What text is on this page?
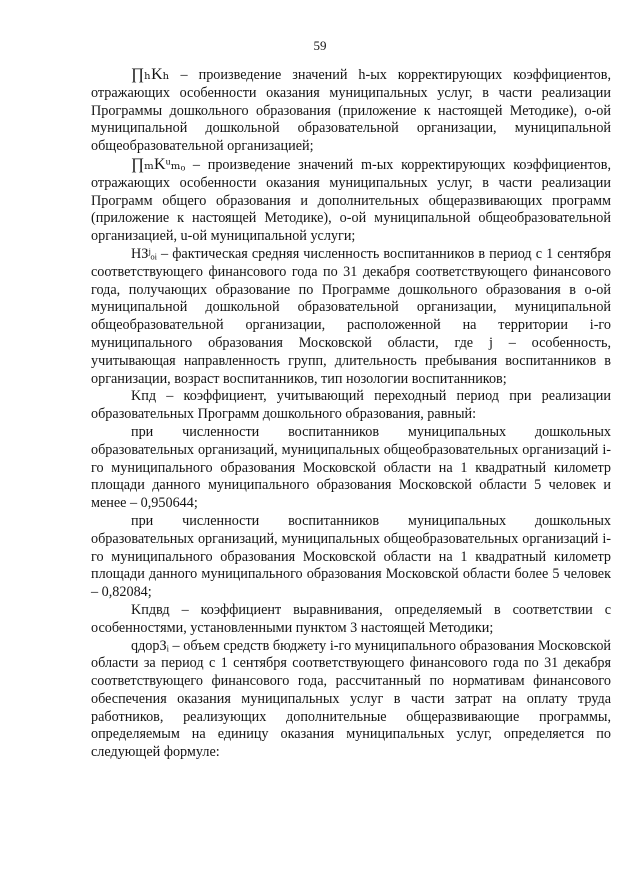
59

∏ₕKₕ – произведение значений h-ых корректирующих коэффициентов, отражающих особенности оказания муниципальных услуг, в части реализации Программы дошкольного образования (приложение к настоящей Методике), о-ой муниципальной дошкольной образовательной организации, муниципальной общеобразовательной организацией;

∏ₘKᵘₘₒ – произведение значений m-ых корректирующих коэффициентов, отражающих особенности оказания муниципальных услуг, в части реализации Программ общего образования и дополнительных общеразвивающих программ (приложение к настоящей Методике), о-ой муниципальной общеобразовательной организацией, u-ой муниципальной услуги;

НЗʲₒᵢ – фактическая средняя численность воспитанников в период с 1 сентября соответствующего финансового года по 31 декабря соответствующего финансового года, получающих образование по Программе дошкольного образования в о-ой муниципальной дошкольной образовательной организации, муниципальной общеобразовательной организации, расположенной на территории i-го муниципального образования Московской области, где j – особенность, учитывающая направленность групп, длительность пребывания воспитанников в организации, возраст воспитанников, тип нозологии воспитанников;

Kпд – коэффициент, учитывающий переходный период при реализации образовательных Программ дошкольного образования, равный:

при численности воспитанников муниципальных дошкольных образовательных организаций, муниципальных общеобразовательных организаций i-го муниципального образования Московской области на 1 квадратный километр площади данного муниципального образования Московской области 5 человек и менее – 0,950644;

при численности воспитанников муниципальных дошкольных образовательных организаций, муниципальных общеобразовательных организаций i-го муниципального образования Московской области на 1 квадратный километр площади данного муниципального образования Московской области более 5 человек – 0,82084;

Kпдвд – коэффициент выравнивания, определяемый в соответствии с особенностями, установленными пунктом 3 настоящей Методики;

qдорЗᵢ – объем средств бюджету i-го муниципального образования Московской области за период с 1 сентября соответствующего финансового года по 31 декабря соответствующего финансового года, рассчитанный по нормативам финансового обеспечения оказания муниципальных услуг в части затрат на оплату труда работников, реализующих дополнительные общеразвивающие программы, определяемым на единицу оказания муниципальных услуг, определяется по следующей формуле:
